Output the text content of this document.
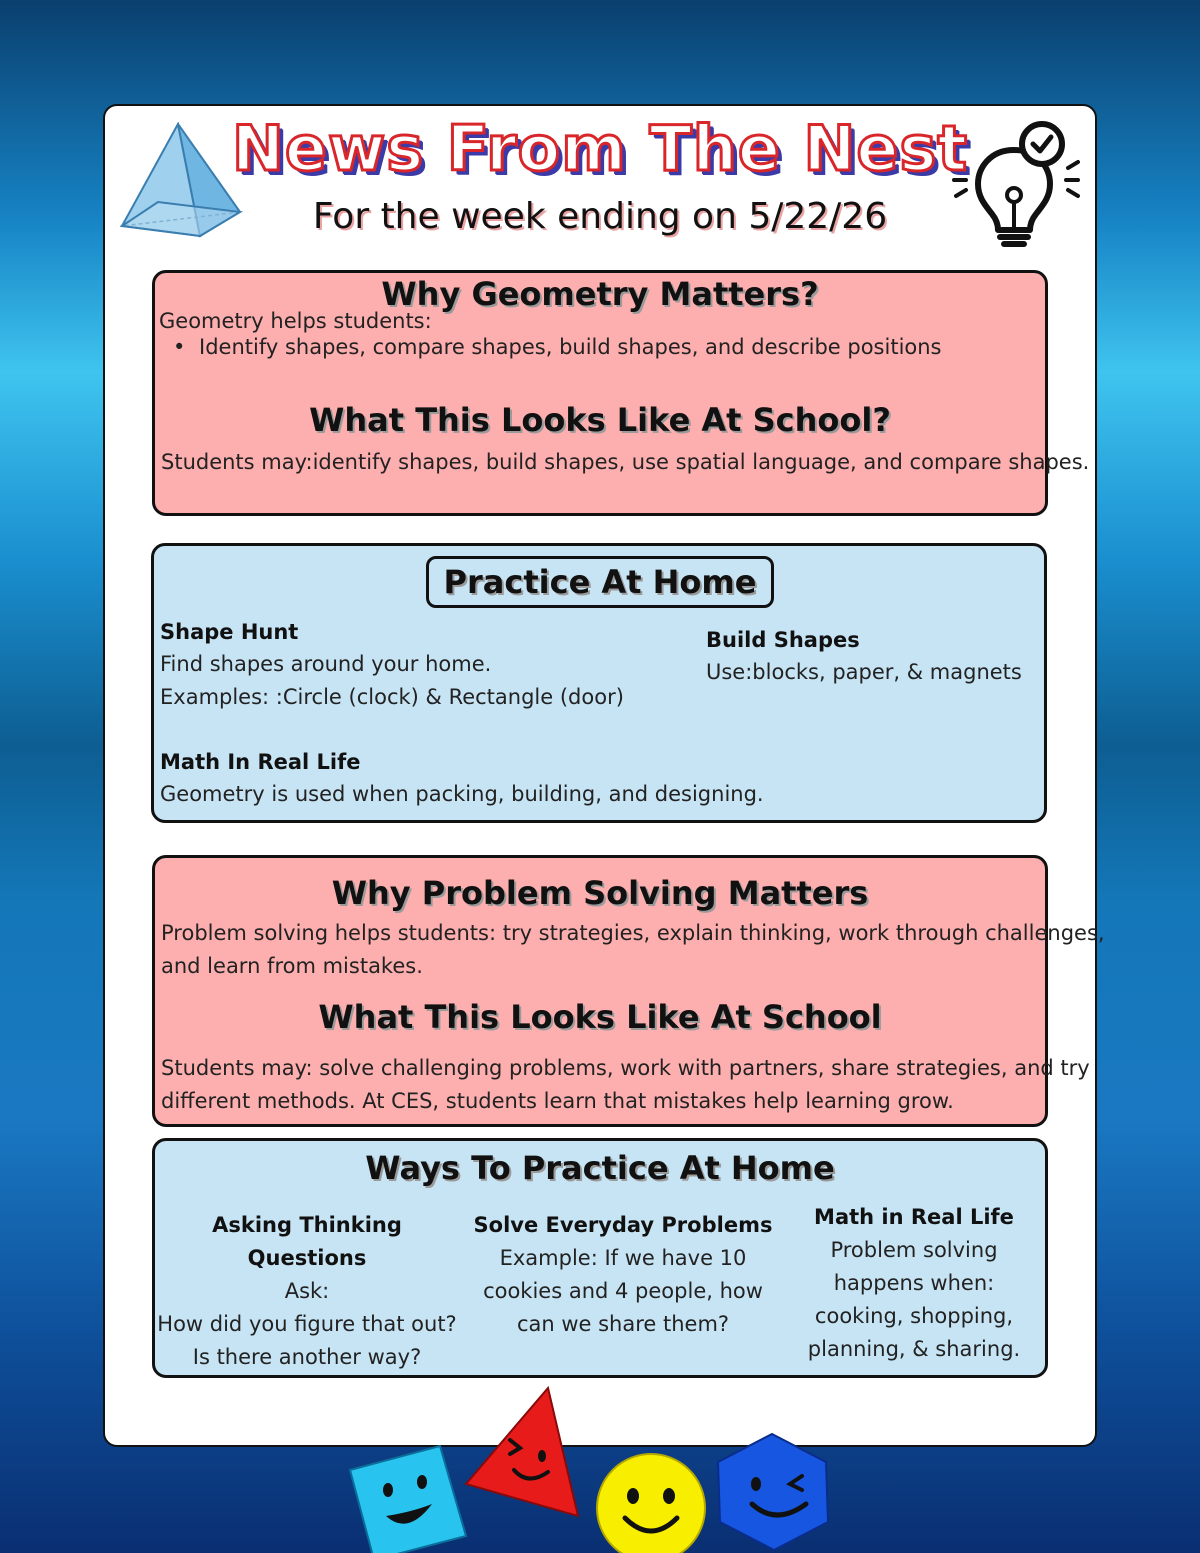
News From The Nest
For the week ending on 5/22/26
Why Geometry Matters?
Geometry helps students:
• Identify shapes, compare shapes, build shapes, and describe positions
What This Looks Like At School?
Students may:identify shapes, build shapes, use spatial language, and compare shapes.
Practice At Home
Shape Hunt
Find shapes around your home.
Examples: :Circle (clock) & Rectangle (door)
Build Shapes
Use:blocks, paper, & magnets
Math In Real Life
Geometry is used when packing, building, and designing.
Why Problem Solving Matters
Problem solving helps students: try strategies, explain thinking, work through challenges,
and learn from mistakes.
What This Looks Like At School
Students may: solve challenging problems, work with partners, share strategies, and try
different methods. At CES, students learn that mistakes help learning grow.
Ways To Practice At Home
Asking Thinking Questions
Ask:
How did you figure that out?
Is there another way?
Solve Everyday Problems
Example: If we have 10
cookies and 4 people, how
can we share them?
Math in Real Life
Problem solving
happens when:
cooking, shopping,
planning, & sharing.
